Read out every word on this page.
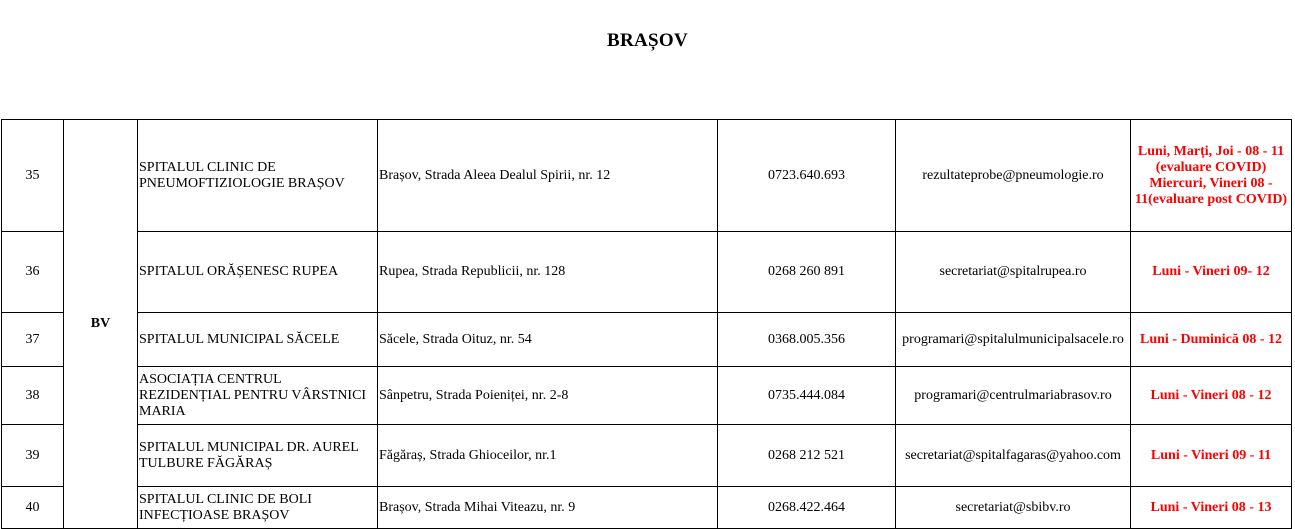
BRAȘOV
35	BV	SPITALUL CLINIC DE PNEUMOFTIZIOLOGIE BRAȘOV	Brașov, Strada Aleea Dealul Spirii, nr. 12	0723.640.693	rezultateprobe@pneumologie.ro	Luni, Marți, Joi - 08 - 11 (evaluare COVID) Miercuri, Vineri 08 - 11(evaluare post COVID)
36		SPITALUL ORĂȘENESC RUPEA	Rupea, Strada Republicii, nr. 128	0268 260 891	secretariat@spitalrupea.ro	Luni - Vineri 09- 12
37		SPITALUL MUNICIPAL SĂCELE	Săcele, Strada Oituz, nr. 54	0368.005.356	programari@spitalulmunicipalsacele.ro	Luni - Duminică 08 - 12
38		ASOCIAȚIA CENTRUL REZIDENȚIAL PENTRU VÂRSTNICI MARIA	Sânpetru, Strada Poieniței, nr. 2-8	0735.444.084	programari@centrulmariabrasov.ro	Luni - Vineri 08 - 12
39		SPITALUL MUNICIPAL DR. AUREL TULBURE FĂGĂRAȘ	Făgăraș, Strada Ghioceilor, nr.1	0268 212 521	secretariat@spitalfagaras@yahoo.com	Luni - Vineri 09 - 11
40		SPITALUL CLINIC DE BOLI INFECȚIOASE BRAȘOV	Brașov, Strada Mihai Viteazu, nr. 9	0268.422.464	secretariat@sbibv.ro	Luni - Vineri 08 - 13
